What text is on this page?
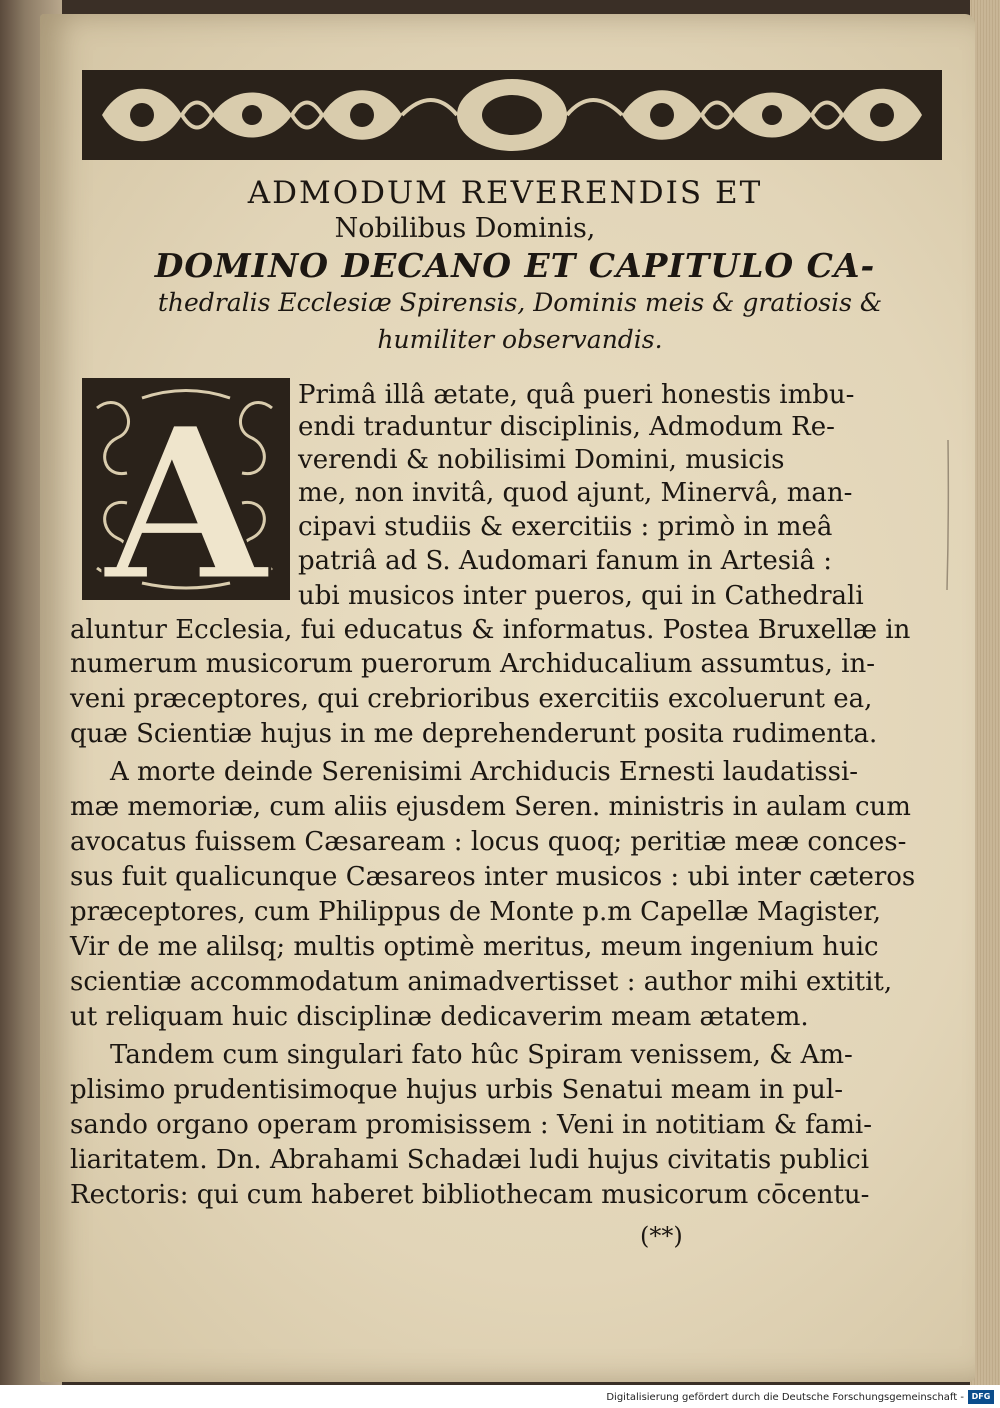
ADMODUM REVERENDIS ET
Nobilibus Dominis,
DOMINO DECANO ET CAPITULO CA-
thedralis Ecclesiæ Spirensis, Dominis meis & gratiosis &
humiliter observandis.
A Primâ illâ ætate, quâ pueri honestis imbu-
endi traduntur disciplinis, Admodum Re-
verendi & nobilisimi Domini, musicis
me, non invitâ, quod ajunt, Minervâ, man-
cipavi studiis & exercitiis : primò in meâ
patriâ ad S. Audomari fanum in Artesiâ :
ubi musicos inter pueros, qui in Cathedrali
aluntur Ecclesia, fui educatus & informatus. Postea Bruxellæ in
numerum musicorum puerorum Archiducalium assumtus, in-
veni præceptores, qui crebrioribus exercitiis excoluerunt ea,
quæ Scientiæ hujus in me deprehenderunt posita rudimenta.
A morte deinde Serenisimi Archiducis Ernesti laudatissi-
mæ memoriæ, cum aliis ejusdem Seren. ministris in aulam cum
avocatus fuissem Cæsaream : locus quoq; peritiæ meæ conces-
sus fuit qualicunque Cæsareos inter musicos : ubi inter cæteros
præceptores, cum Philippus de Monte p.m Capellæ Magister,
Vir de me alilsq; multis optimè meritus, meum ingenium huic
scientiæ accommodatum animadvertisset : author mihi extitit,
ut reliquam huic disciplinæ dedicaverim meam ætatem.
Tandem cum singulari fato hûc Spiram venissem, & Am-
plisimo prudentisimoque hujus urbis Senatui meam in pul-
sando organo operam promisissem : Veni in notitiam & fami-
liaritatem. Dn. Abrahami Schadæi ludi hujus civitatis publici
Rectoris: qui cum haberet bibliothecam musicorum cōcentu-
(**)
Digitalisierung gefördert durch die Deutsche Forschungsgemeinschaft - DFG
